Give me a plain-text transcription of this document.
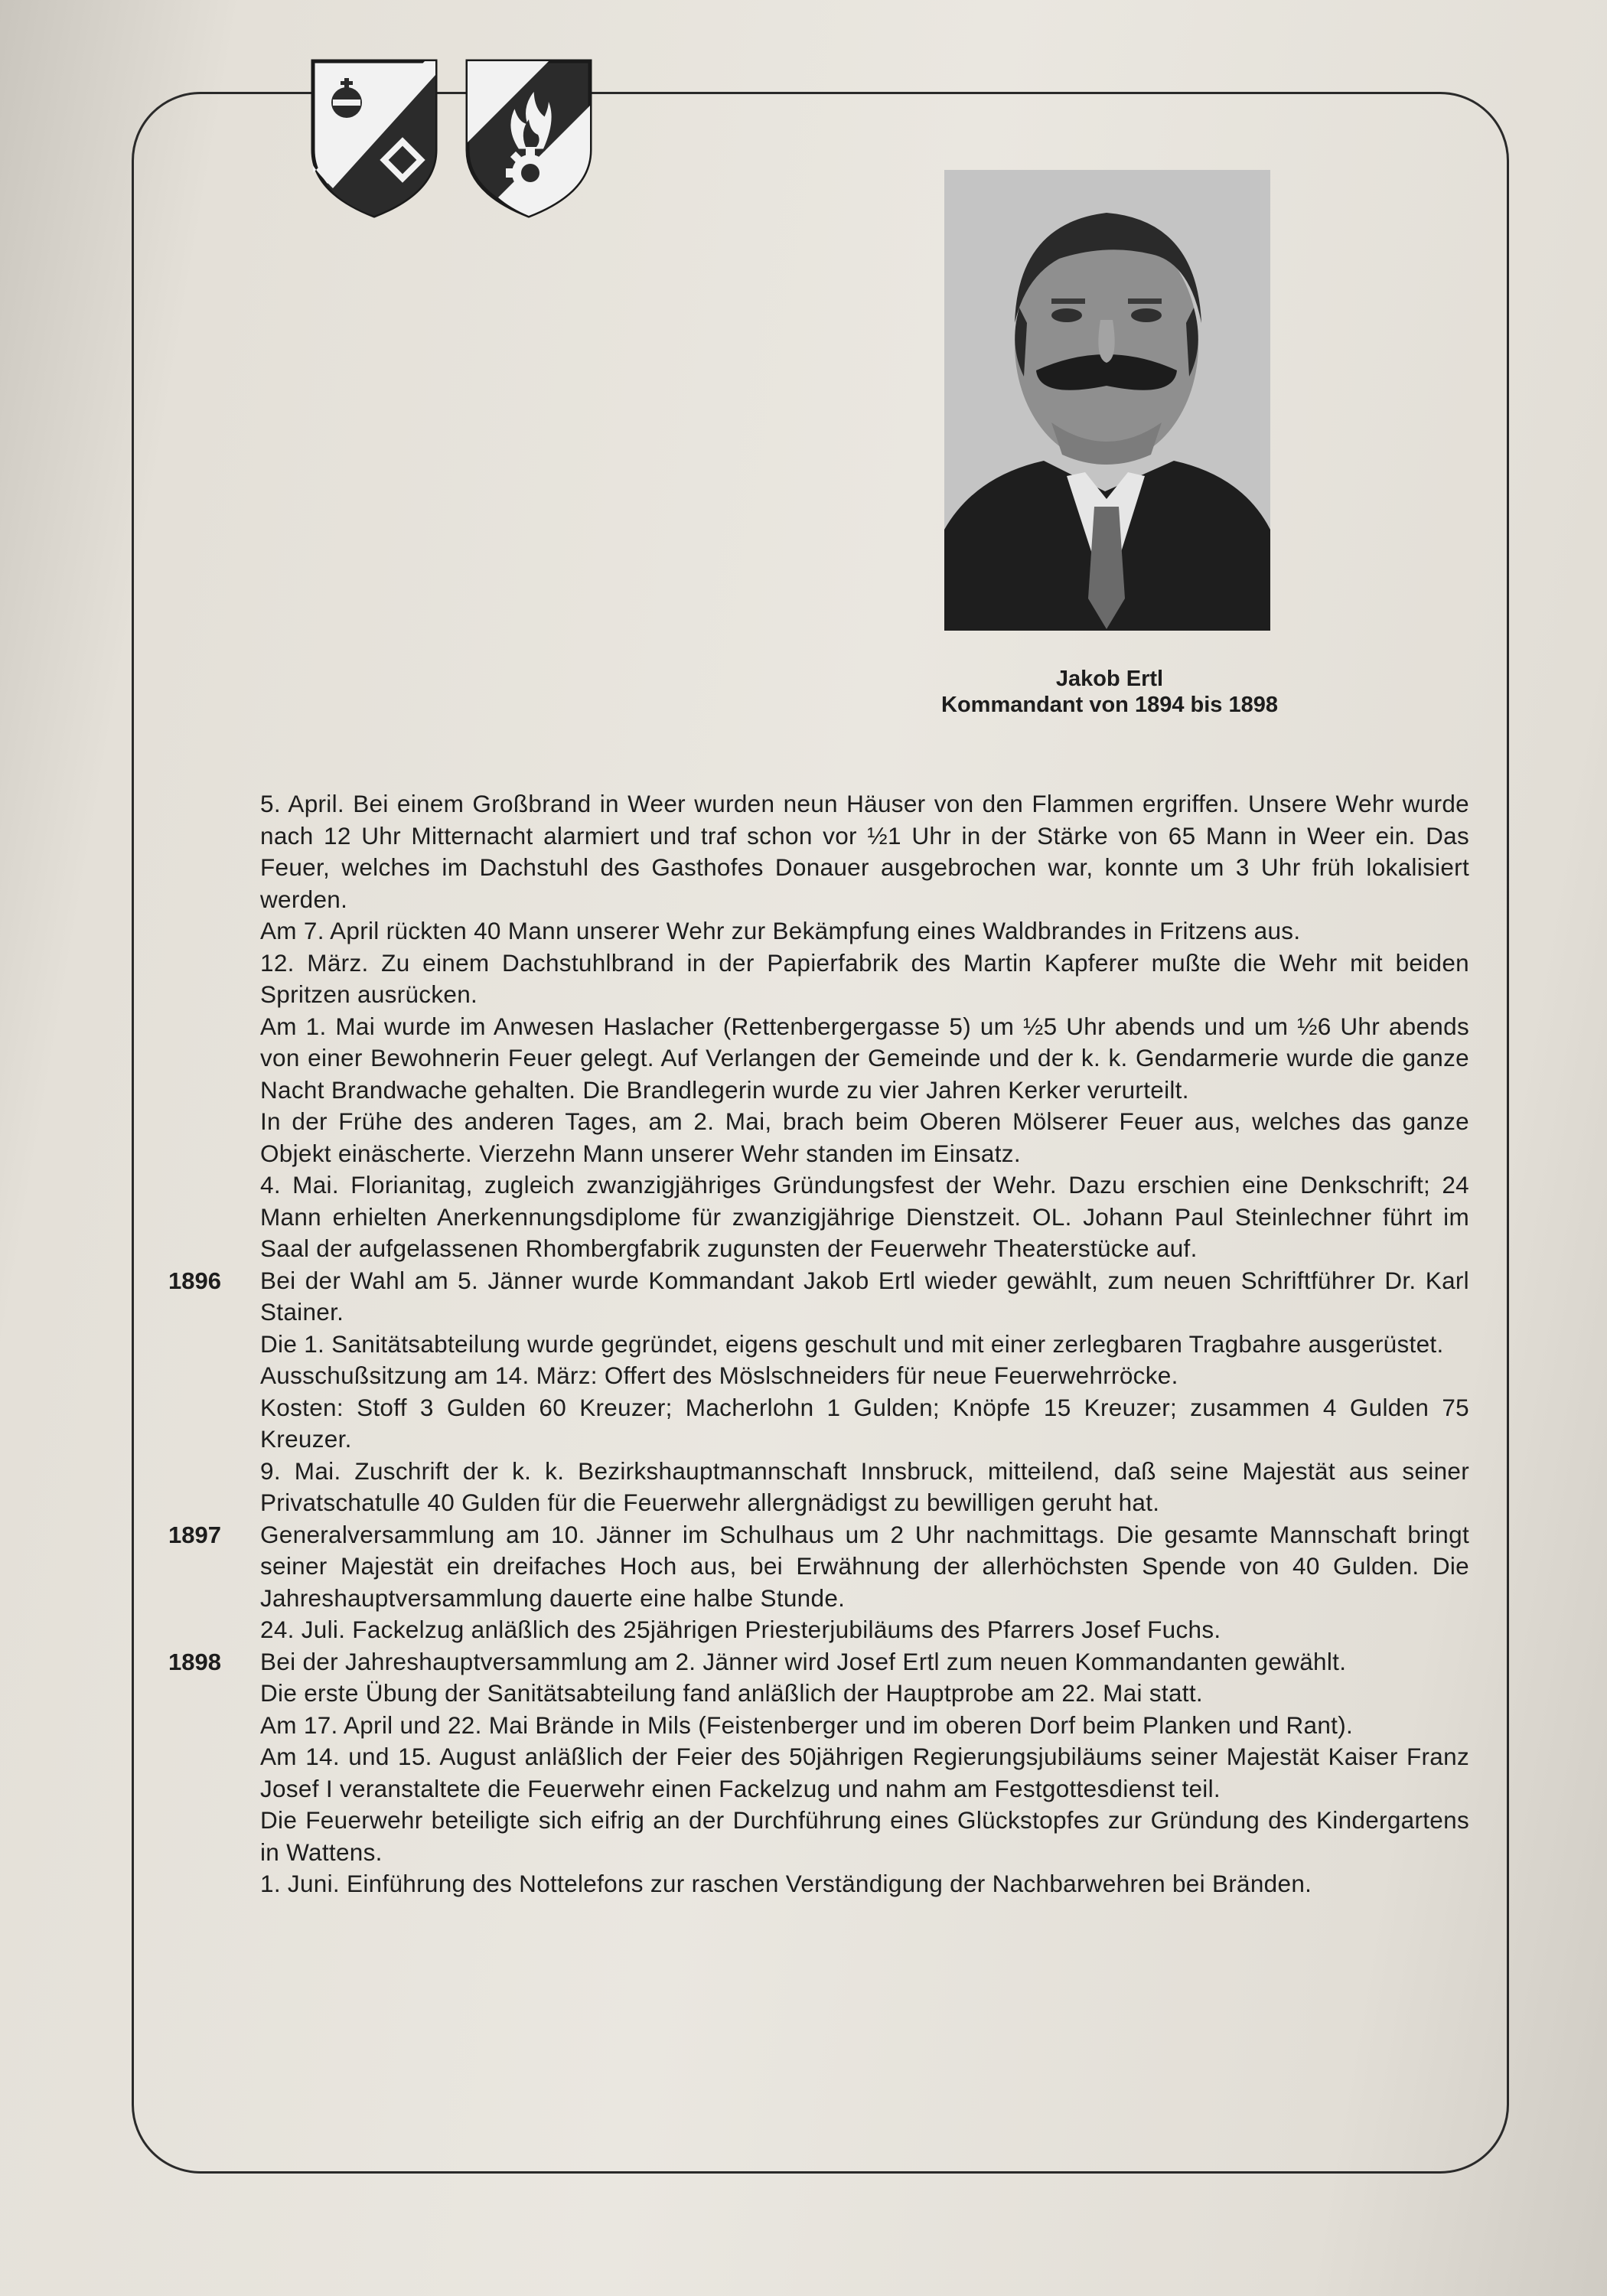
Jakob Ertl
Kommandant von 1894 bis 1898
5. April. Bei einem Großbrand in Weer wurden neun Häuser von den Flammen ergriffen. Unsere Wehr wurde nach 12 Uhr Mitternacht alarmiert und traf schon vor ½1 Uhr in der Stärke von 65 Mann in Weer ein. Das Feuer, welches im Dachstuhl des Gasthofes Donauer ausgebrochen war, konnte um 3 Uhr früh lokalisiert werden.
Am 7. April rückten 40 Mann unserer Wehr zur Bekämpfung eines Waldbrandes in Fritzens aus.
12. März. Zu einem Dachstuhlbrand in der Papierfabrik des Martin Kapferer mußte die Wehr mit beiden Spritzen ausrücken.
Am 1. Mai wurde im Anwesen Haslacher (Rettenbergergasse 5) um ½5 Uhr abends und um ½6 Uhr abends von einer Bewohnerin Feuer gelegt. Auf Verlangen der Gemeinde und der k. k. Gendarmerie wurde die ganze Nacht Brandwache gehalten. Die Brandlegerin wurde zu vier Jahren Kerker verurteilt.
In der Frühe des anderen Tages, am 2. Mai, brach beim Oberen Mölserer Feuer aus, welches das ganze Objekt einäscherte. Vierzehn Mann unserer Wehr standen im Einsatz.
4. Mai. Florianitag, zugleich zwanzigjähriges Gründungsfest der Wehr. Dazu erschien eine Denkschrift; 24 Mann erhielten Anerkennungsdiplome für zwanzigjährige Dienstzeit. OL. Johann Paul Steinlechner führt im Saal der aufgelassenen Rhombergfabrik zugunsten der Feuerwehr Theaterstücke auf.
1896	Bei der Wahl am 5. Jänner wurde Kommandant Jakob Ertl wieder gewählt, zum neuen Schriftführer Dr. Karl Stainer.
Die 1. Sanitätsabteilung wurde gegründet, eigens geschult und mit einer zerlegbaren Tragbahre ausgerüstet.
Ausschußsitzung am 14. März: Offert des Möslschneiders für neue Feuerwehrröcke.
Kosten: Stoff 3 Gulden 60 Kreuzer; Macherlohn 1 Gulden; Knöpfe 15 Kreuzer; zusammen 4 Gulden 75 Kreuzer.
9. Mai. Zuschrift der k. k. Bezirkshauptmannschaft Innsbruck, mitteilend, daß seine Majestät aus seiner Privatschatulle 40 Gulden für die Feuerwehr allergnädigst zu bewilligen geruht hat.
1897	Generalversammlung am 10. Jänner im Schulhaus um 2 Uhr nachmittags. Die gesamte Mannschaft bringt seiner Majestät ein dreifaches Hoch aus, bei Erwähnung der allerhöchsten Spende von 40 Gulden. Die Jahreshauptversammlung dauerte eine halbe Stunde.
24. Juli. Fackelzug anläßlich des 25jährigen Priesterjubiläums des Pfarrers Josef Fuchs.
1898	Bei der Jahreshauptversammlung am 2. Jänner wird Josef Ertl zum neuen Kommandanten gewählt.
Die erste Übung der Sanitätsabteilung fand anläßlich der Hauptprobe am 22. Mai statt.
Am 17. April und 22. Mai Brände in Mils (Feistenberger und im oberen Dorf beim Planken und Rant).
Am 14. und 15. August anläßlich der Feier des 50jährigen Regierungsjubiläums seiner Majestät Kaiser Franz Josef I veranstaltete die Feuerwehr einen Fackelzug und nahm am Festgottesdienst teil.
Die Feuerwehr beteiligte sich eifrig an der Durchführung eines Glückstopfes zur Gründung des Kindergartens in Wattens.
1. Juni. Einführung des Nottelefons zur raschen Verständigung der Nachbarwehren bei Bränden.
